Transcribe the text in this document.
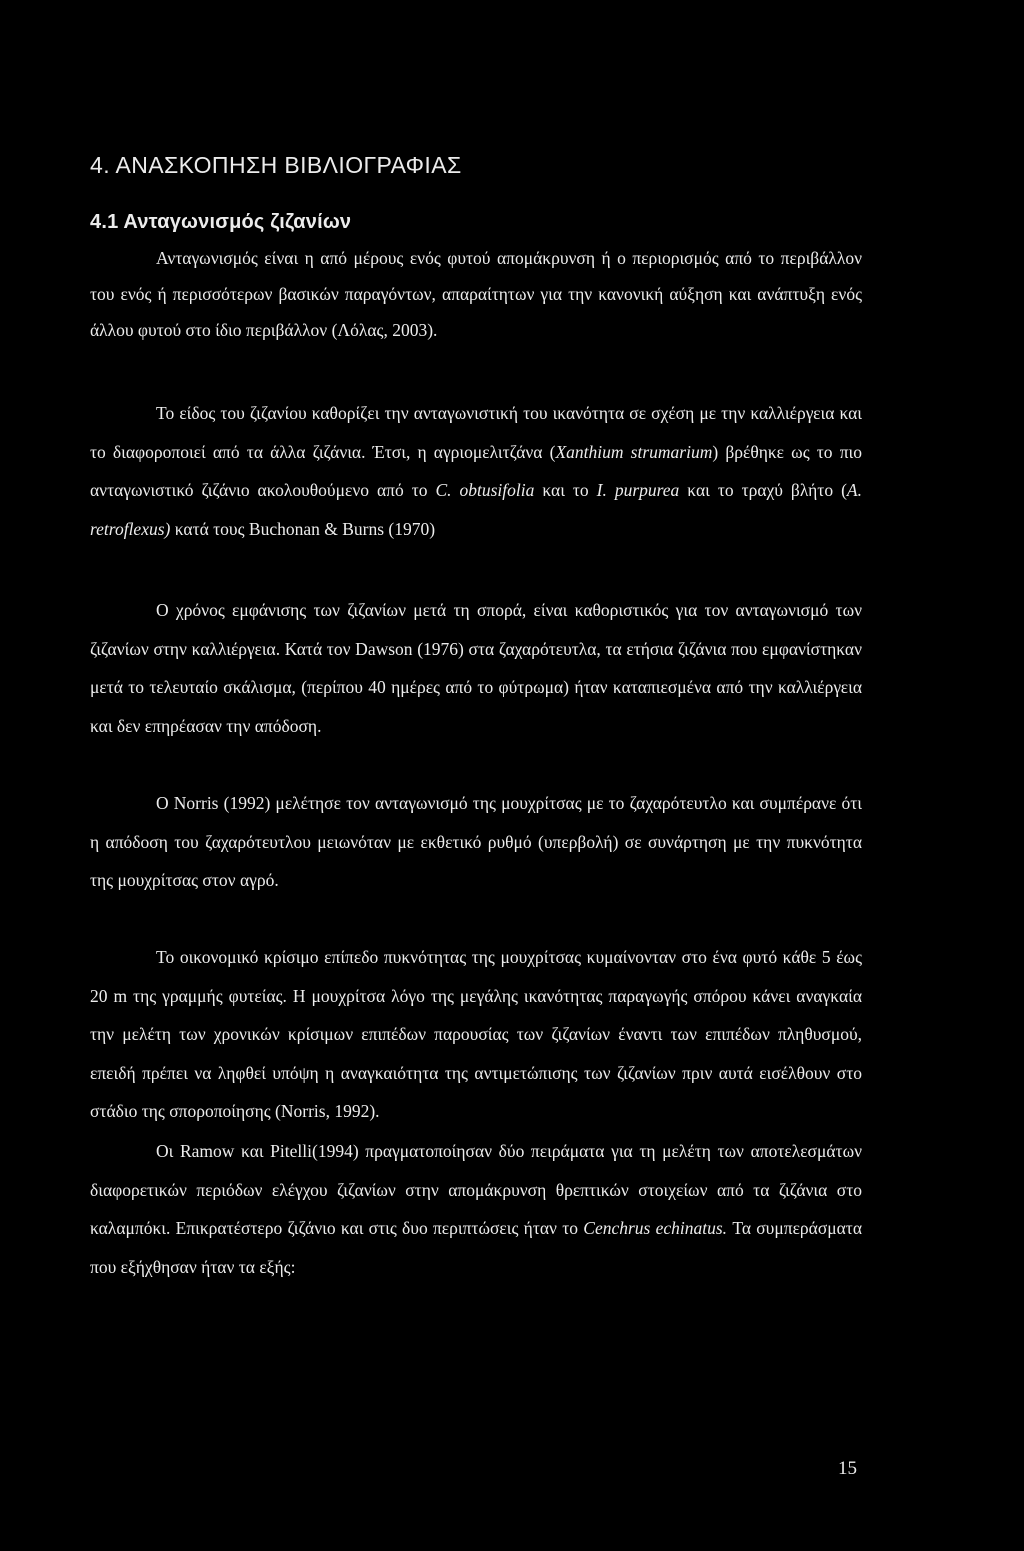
4. ΑΝΑΣΚΟΠΗΣΗ ΒΙΒΛΙΟΓΡΑΦΙΑΣ
4.1 Ανταγωνισμός ζιζανίων

Ανταγωνισμός είναι η από μέρους ενός φυτού απομάκρυνση ή ο περιορισμός από το περιβάλλον του ενός ή περισσότερων βασικών παραγόντων, απαραίτητων για την κανονική αύξηση και ανάπτυξη ενός άλλου φυτού στο ίδιο περιβάλλον (Λόλας, 2003).

Το είδος του ζιζανίου καθορίζει την ανταγωνιστική του ικανότητα σε σχέση με την καλλιέργεια και το διαφοροποιεί από τα άλλα ζιζάνια. Έτσι, η αγριομελιτζάνα (Xanthium strumarium) βρέθηκε ως το πιο ανταγωνιστικό ζιζάνιο ακολουθούμενο από το C. obtusifolia και το I. purpurea και το τραχύ βλήτο (A. retroflexus) κατά τους Buchonan & Burns (1970)

Ο χρόνος εμφάνισης των ζιζανίων μετά τη σπορά, είναι καθοριστικός για τον ανταγωνισμό των ζιζανίων στην καλλιέργεια. Κατά τον Dawson (1976) στα ζαχαρότευτλα, τα ετήσια ζιζάνια που εμφανίστηκαν μετά το τελευταίο σκάλισμα, (περίπου 40 ημέρες από το φύτρωμα) ήταν καταπιεσμένα από την καλλιέργεια και δεν επηρέασαν την απόδοση.

Ο Norris (1992) μελέτησε τον ανταγωνισμό της μουχρίτσας με το ζαχαρότευτλο και συμπέρανε ότι η απόδοση του ζαχαρότευτλου μειωνόταν με εκθετικό ρυθμό (υπερβολή) σε συνάρτηση με την πυκνότητα της μουχρίτσας στον αγρό.

Το οικονομικό κρίσιμο επίπεδο πυκνότητας της μουχρίτσας κυμαίνονταν στο ένα φυτό κάθε 5 έως 20 m της γραμμής φυτείας. Η μουχρίτσα λόγο της μεγάλης ικανότητας παραγωγής σπόρου κάνει αναγκαία την μελέτη των χρονικών κρίσιμων επιπέδων παρουσίας των ζιζανίων έναντι των επιπέδων πληθυσμού, επειδή πρέπει να ληφθεί υπόψη η αναγκαιότητα της αντιμετώπισης των ζιζανίων πριν αυτά εισέλθουν στο στάδιο της σποροποίησης (Norris, 1992).

Οι Ramow και Pitelli(1994) πραγματοποίησαν δύο πειράματα για τη μελέτη των αποτελεσμάτων διαφορετικών περιόδων ελέγχου ζιζανίων στην απομάκρυνση θρεπτικών στοιχείων από τα ζιζάνια στο καλαμπόκι. Επικρατέστερο ζιζάνιο και στις δυο περιπτώσεις ήταν το Cenchrus echinatus. Τα συμπεράσματα που εξήχθησαν ήταν τα εξής:

15
